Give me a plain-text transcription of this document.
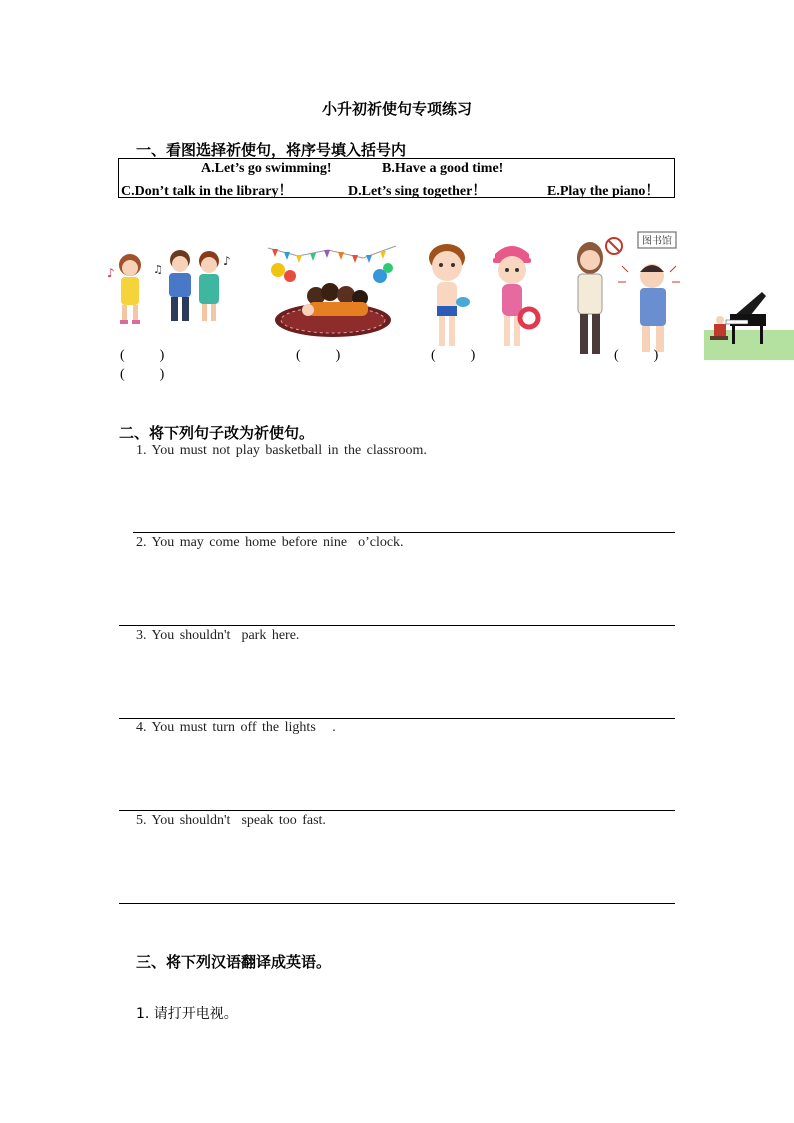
小升初祈使句专项练习
一、看图选择祈使句，将序号填入括号内
A.Let’s go swimming!	B.Have a good time!
C.Don’t talk in the library！	D.Let’s sing together！	E.Play the piano！
♪	♫
♪
图书馆
(          )
(          )
(          )	(          )	(          )
二、将下列句子改为祈使句。
1. You must not play basketball in the classroom.
2. You may come home before nine  o’clock.
3. You shouldn't  park here.
4. You must turn off the lights   .
5. You shouldn't  speak too fast.
三、将下列汉语翻译成英语。
1. 请打开电视。
